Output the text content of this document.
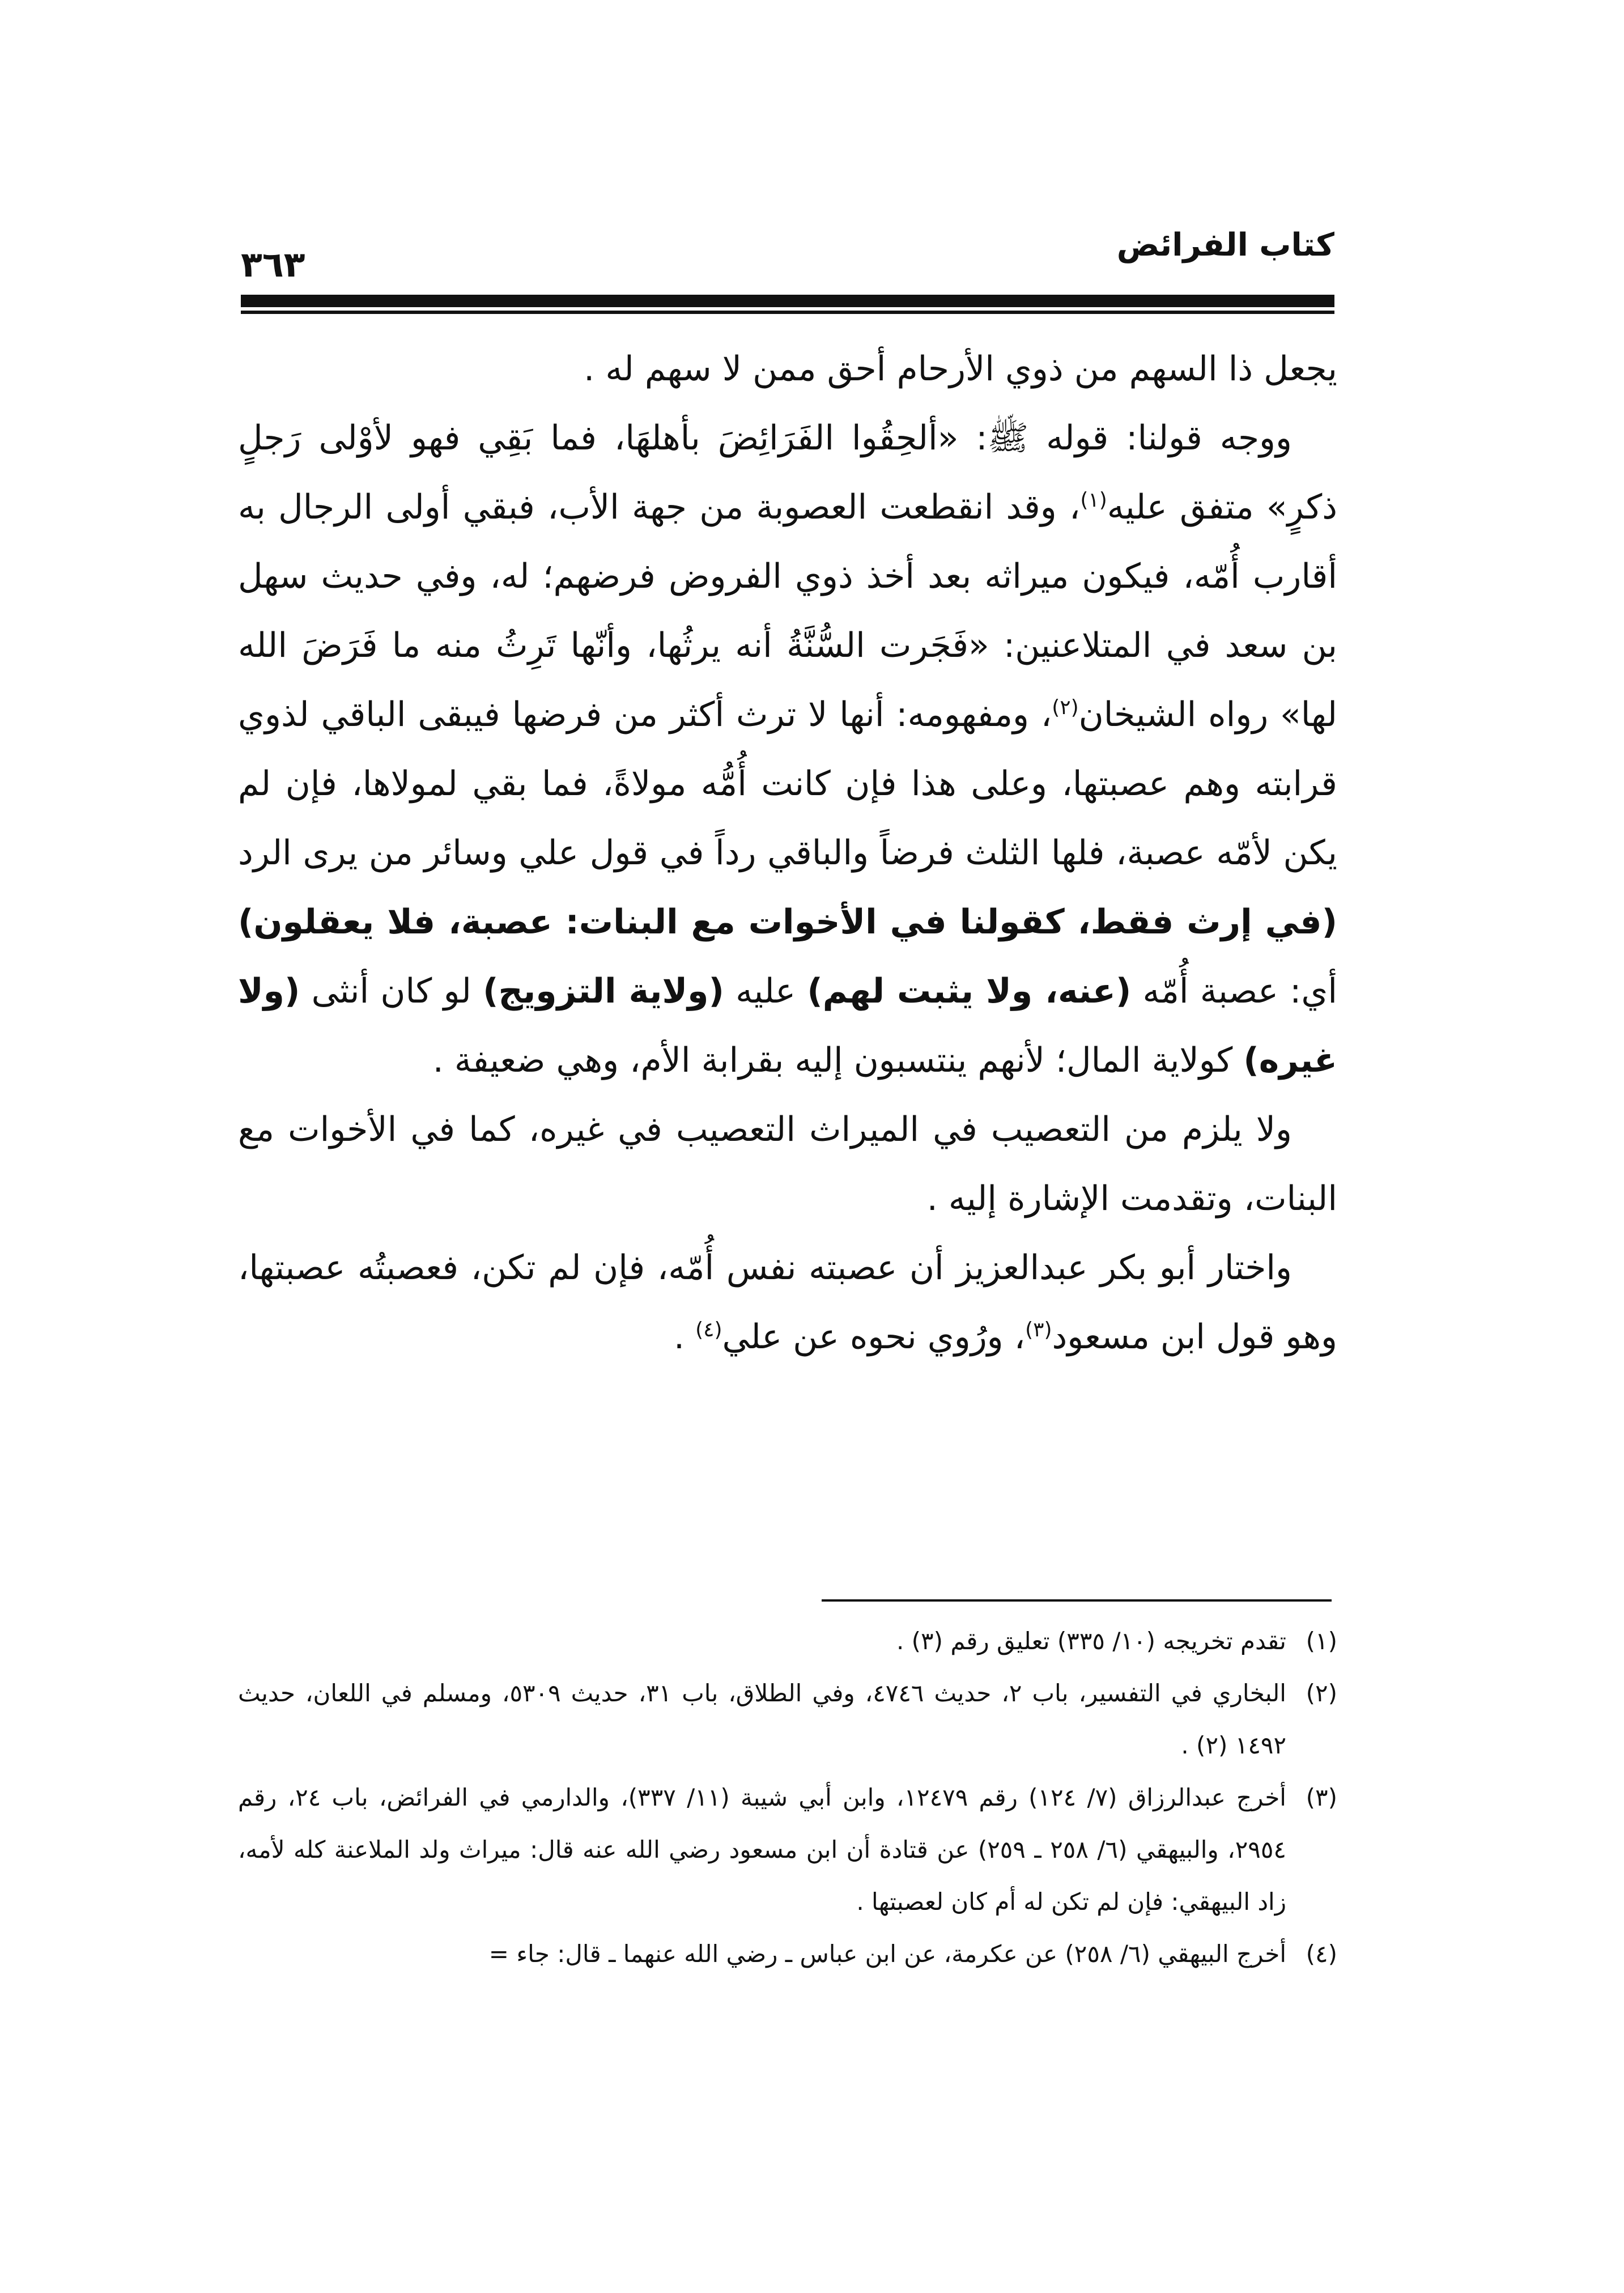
كتاب الفرائض
٣٦٣

يجعل ذا السهم من ذوي الأرحام أحق ممن لا سهم له .

ووجه قولنا: قوله ﷺ: «ألحِقُوا الفَرَائِضَ بأهلهَا، فما بَقِي فهو لأوْلى رَجلٍ ذكرٍ» متفق عليه$^{(١)}$، وقد انقطعت العصوبة من جهة الأب، فبقي أولى الرجال به أقارب أُمّه، فيكون ميراثه بعد أخذ ذوي الفروض فرضهم؛ له، وفي حديث سهل بن سعد في المتلاعنين: «فَجَرت السُّنَّةُ أنه يرثُها، وأنّها تَرِثُ منه ما فَرَضَ الله لها» رواه الشيخان$^{(٢)}$، ومفهومه: أنها لا ترث أكثر من فرضها فيبقى الباقي لذوي قرابته وهم عصبتها، وعلى هذا فإن كانت أُمُّه مولاةً، فما بقي لمولاها، فإن لم يكن لأمّه عصبة، فلها الثلث فرضاً والباقي رداً في قول علي وسائر من يرى الرد (في إرث فقط، كقولنا في الأخوات مع البنات: عصبة، فلا يعقلون) أي: عصبة أُمّه (عنه، ولا يثبت لهم) عليه (ولاية التزويج) لو كان أنثى (ولا غيره) كولاية المال؛ لأنهم ينتسبون إليه بقرابة الأم، وهي ضعيفة .

ولا يلزم من التعصيب في الميراث التعصيب في غيره، كما في الأخوات مع البنات، وتقدمت الإشارة إليه .

واختار أبو بكر عبدالعزيز أن عصبته نفس أُمّه، فإن لم تكن، فعصبتُه عصبتها، وهو قول ابن مسعود$^{(٣)}$، ورُوي نحوه عن علي$^{(٤)}$ .

(١)
تقدم تخريجه (١٠/ ٣٣٥) تعليق رقم (٣) .

(٢)
البخاري في التفسير، باب ٢، حديث ٤٧٤٦، وفي الطلاق، باب ٣١، حديث ٥٣٠٩، ومسلم في اللعان، حديث ١٤٩٢ (٢) .

(٣)
أخرج عبدالرزاق (٧/ ١٢٤) رقم ١٢٤٧٩، وابن أبي شيبة (١١/ ٣٣٧)، والدارمي في الفرائض، باب ٢٤، رقم ٢٩٥٤، والبيهقي (٦/ ٢٥٨ ـ ٢٥٩) عن قتادة أن ابن مسعود رضي الله عنه قال: ميراث ولد الملاعنة كله لأمه، زاد البيهقي: فإن لم تكن له أم كان لعصبتها .

(٤)
أخرج البيهقي (٦/ ٢٥٨) عن عكرمة، عن ابن عباس ـ رضي الله عنهما ـ قال: جاء =
